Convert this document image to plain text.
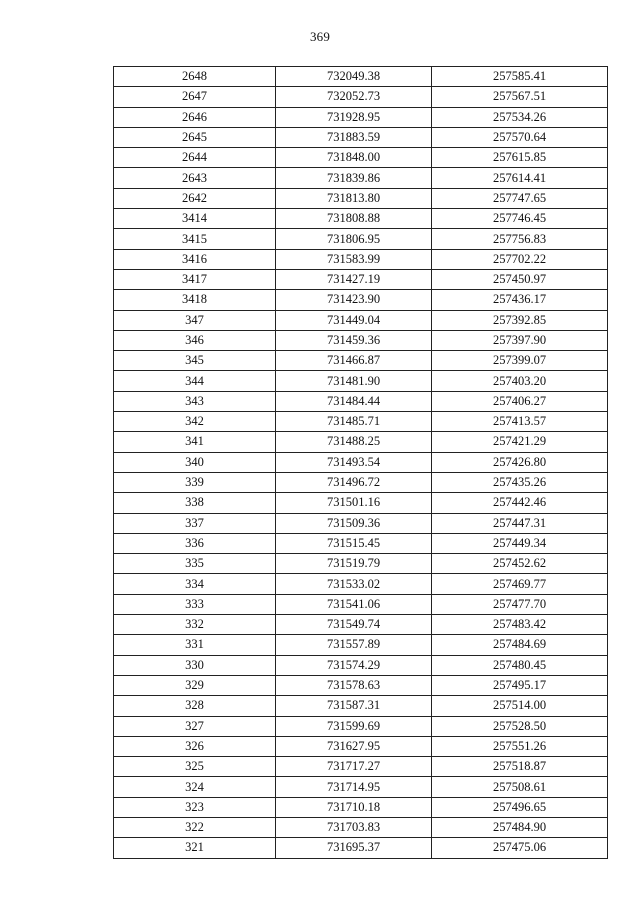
369
2648	732049.38	257585.41
2647	732052.73	257567.51
2646	731928.95	257534.26
2645	731883.59	257570.64
2644	731848.00	257615.85
2643	731839.86	257614.41
2642	731813.80	257747.65
3414	731808.88	257746.45
3415	731806.95	257756.83
3416	731583.99	257702.22
3417	731427.19	257450.97
3418	731423.90	257436.17
347	731449.04	257392.85
346	731459.36	257397.90
345	731466.87	257399.07
344	731481.90	257403.20
343	731484.44	257406.27
342	731485.71	257413.57
341	731488.25	257421.29
340	731493.54	257426.80
339	731496.72	257435.26
338	731501.16	257442.46
337	731509.36	257447.31
336	731515.45	257449.34
335	731519.79	257452.62
334	731533.02	257469.77
333	731541.06	257477.70
332	731549.74	257483.42
331	731557.89	257484.69
330	731574.29	257480.45
329	731578.63	257495.17
328	731587.31	257514.00
327	731599.69	257528.50
326	731627.95	257551.26
325	731717.27	257518.87
324	731714.95	257508.61
323	731710.18	257496.65
322	731703.83	257484.90
321	731695.37	257475.06
